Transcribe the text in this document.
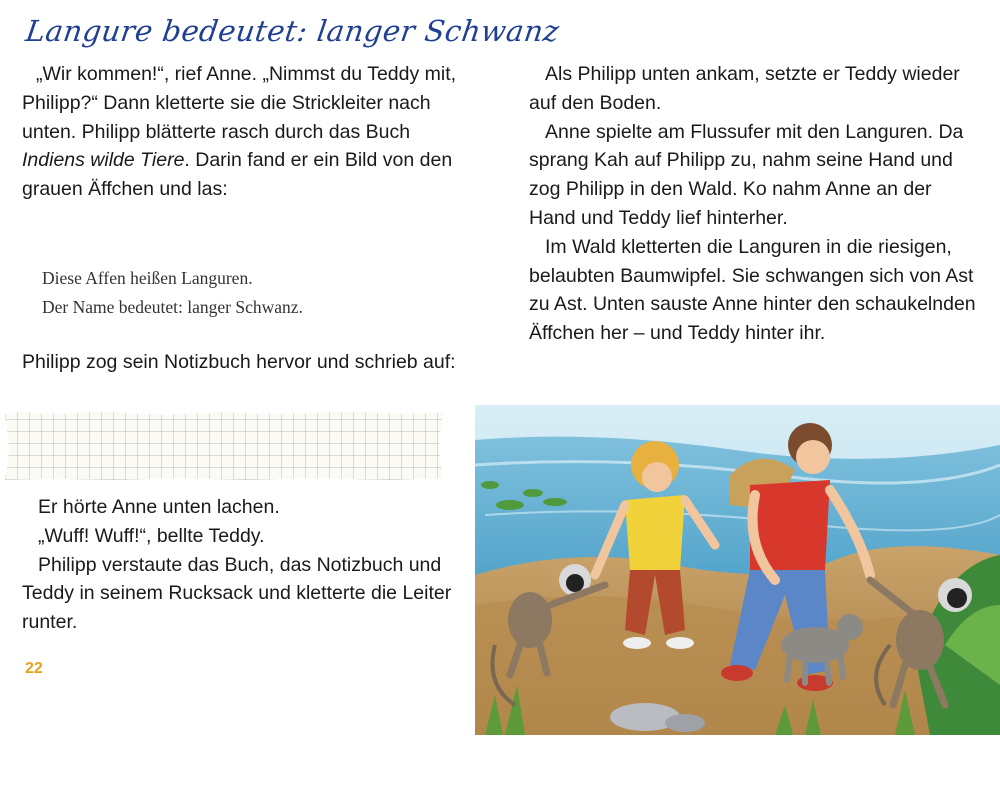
„Wir kommen!“, rief Anne. „Nimmst du Teddy mit, Philipp?“ Dann kletterte sie die Strickleiter nach unten. Philipp blätterte rasch durch das Buch Indiens wilde Tiere. Darin fand er ein Bild von den grauen Äffchen und las:

Diese Affen heißen Languren.
Der Name bedeutet: langer Schwanz.

Philipp zog sein Notizbuch hervor und schrieb auf:

Langure bedeutet: langer Schwanz

Er hörte Anne unten lachen.

„Wuff! Wuff!“, bellte Teddy.

Philipp verstaute das Buch, das Notizbuch und Teddy in seinem Rucksack und kletterte die Leiter runter.

22

Als Philipp unten ankam, setzte er Teddy wieder auf den Boden.

Anne spielte am Flussufer mit den Languren. Da sprang Kah auf Philipp zu, nahm seine Hand und zog Philipp in den Wald. Ko nahm Anne an der Hand und Teddy lief hinterher.

Im Wald kletterten die Languren in die riesigen, belaubten Baumwipfel. Sie schwangen sich von Ast zu Ast. Unten sauste Anne hinter den schaukelnden Äffchen her – und Teddy hinter ihr.
